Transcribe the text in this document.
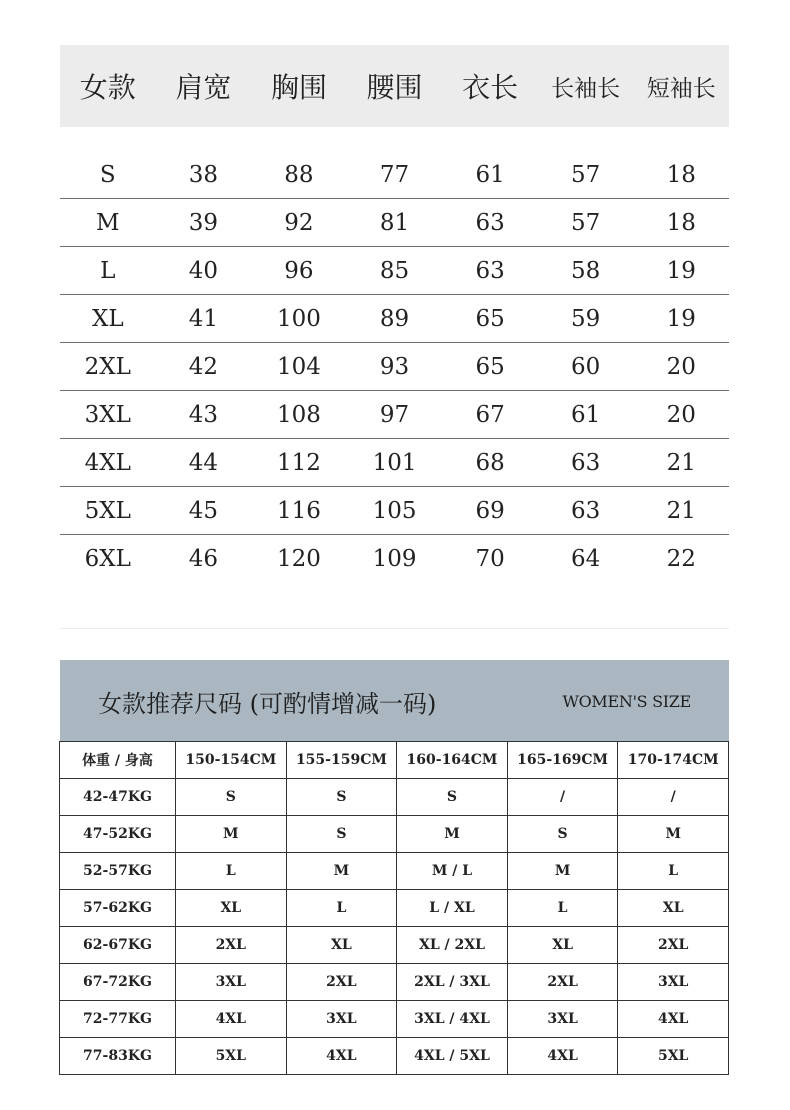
女款	肩宽	胸围	腰围	衣长	长袖长	短袖长
S	38	88	77	61	57	18
M	39	92	81	63	57	18
L	40	96	85	63	58	19
XL	41	100	89	65	59	19
2XL	42	104	93	65	60	20
3XL	43	108	97	67	61	20
4XL	44	112	101	68	63	21
5XL	45	116	105	69	63	21
6XL	46	120	109	70	64	22
女款推荐尺码 (可酌情增减一码)	WOMEN'S SIZE
体重 / 身高	150-154CM	155-159CM	160-164CM	165-169CM	170-174CM
42-47KG	S	S	S	/	/
47-52KG	M	S	M	S	M
52-57KG	L	M	M / L	M	L
57-62KG	XL	L	L / XL	L	XL
62-67KG	2XL	XL	XL / 2XL	XL	2XL
67-72KG	3XL	2XL	2XL / 3XL	2XL	3XL
72-77KG	4XL	3XL	3XL / 4XL	3XL	4XL
77-83KG	5XL	4XL	4XL / 5XL	4XL	5XL
